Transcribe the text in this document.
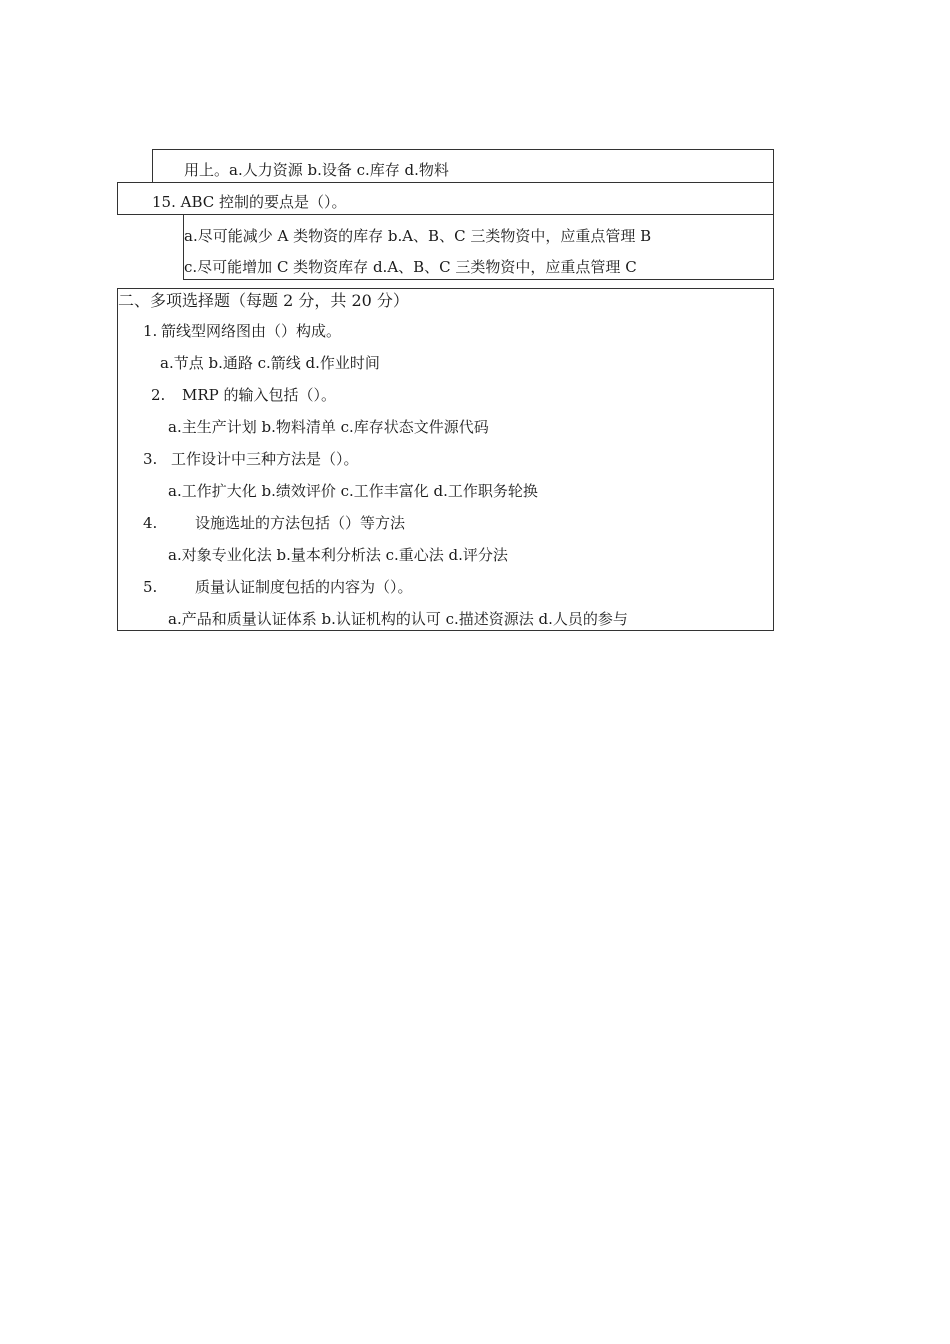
用上。a.人力资源 b.设备 c.库存 d.物料
15. ABC 控制的要点是（）。
a.尽可能减少 A 类物资的库存 b.A、B、C 三类物资中，应重点管理 B
c.尽可能增加 C 类物资库存 d.A、B、C 三类物资中，应重点管理 C
二、多项选择题（每题 2 分，共 20 分）
1. 箭线型网络图由（）构成。
a.节点 b.通路 c.箭线 d.作业时间
2. MRP 的输入包括（）。
a.主生产计划 b.物料清单 c.库存状态文件源代码
3. 工作设计中三种方法是（）。
a.工作扩大化 b.绩效评价 c.工作丰富化 d.工作职务轮换
4.	设施选址的方法包括（）等方法
a.对象专业化法 b.量本利分析法 c.重心法 d.评分法
5.	质量认证制度包括的内容为（）。
a.产品和质量认证体系 b.认证机构的认可 c.描述资源法 d.人员的参与
